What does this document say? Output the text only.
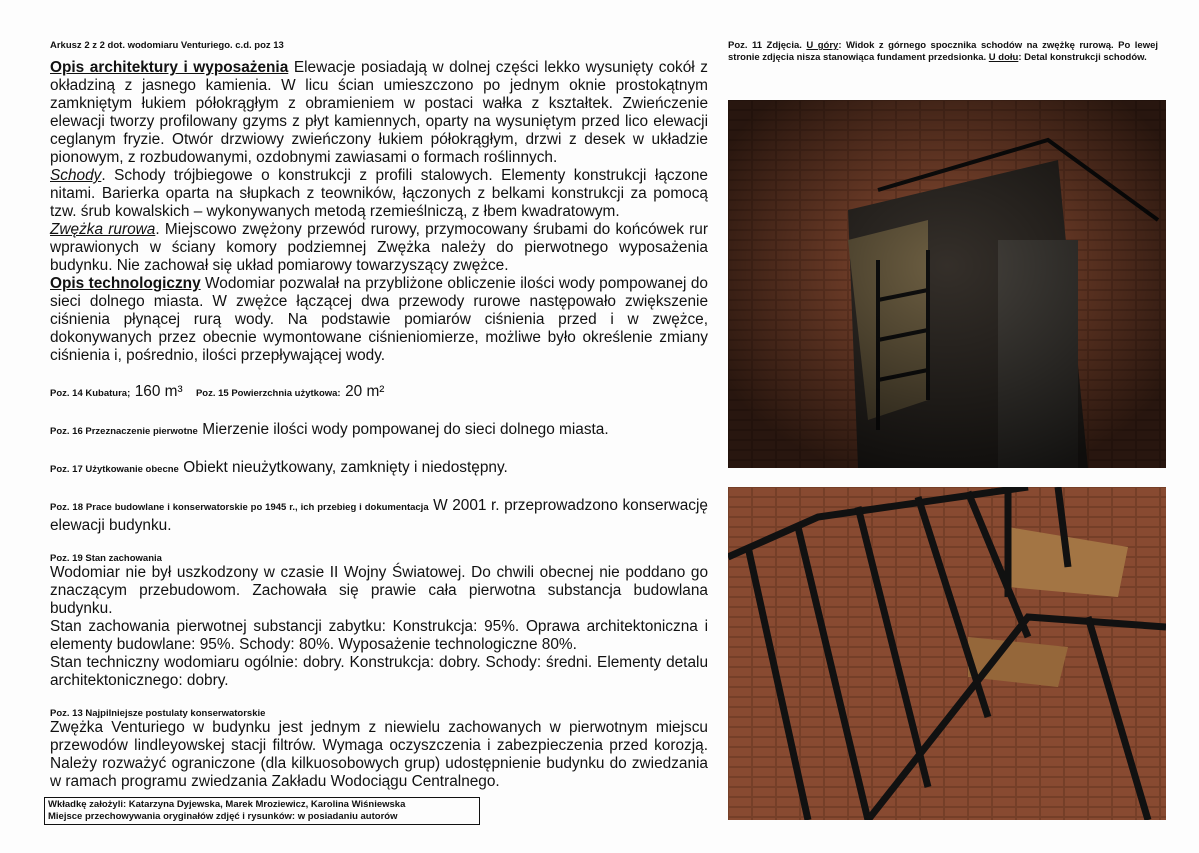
Arkusz 2 z 2 dot. wodomiaru Venturiego. c.d. poz 13

Opis architektury i wyposażenia Elewacje posiadają w dolnej części lekko wysunięty cokół z okładziną z jasnego kamienia. W licu ścian umieszczono po jednym oknie prostokątnym zamkniętym łukiem półokrągłym z obramieniem w postaci wałka z kształtek. Zwieńczenie elewacji tworzy profilowany gzyms z płyt kamiennych, oparty na wysuniętym przed lico elewacji ceglanym fryzie. Otwór drzwiowy zwieńczony łukiem półokrągłym, drzwi z desek w układzie pionowym, z rozbudowanymi, ozdobnymi zawiasami o formach roślinnych.
Schody. Schody trójbiegowe o konstrukcji z profili stalowych. Elementy konstrukcji łączone nitami. Barierka oparta na słupkach z teowników, łączonych z belkami konstrukcji za pomocą tzw. śrub kowalskich – wykonywanych metodą rzemieślniczą, z łbem kwadratowym.
Zwężka rurowa. Miejscowo zwężony przewód rurowy, przymocowany śrubami do końcówek rur wprawionych w ściany komory podziemnej Zwężka należy do pierwotnego wyposażenia budynku. Nie zachował się układ pomiarowy towarzyszący zwężce.
Opis technologiczny Wodomiar pozwalał na przybliżone obliczenie ilości wody pompowanej do sieci dolnego miasta. W zwężce łączącej dwa przewody rurowe następowało zwiększenie ciśnienia płynącej rurą wody. Na podstawie pomiarów ciśnienia przed i w zwężce, dokonywanych przez obecnie wymontowane ciśnieniomierze, możliwe było określenie zmiany ciśnienia i, pośrednio, ilości przepływającej wody.

Poz. 14 Kubatura; 160 m³ Poz. 15 Powierzchnia użytkowa: 20 m²
Poz. 16 Przeznaczenie pierwotne Mierzenie ilości wody pompowanej do sieci dolnego miasta.
Poz. 17 Użytkowanie obecne Obiekt nieużytkowany, zamknięty i niedostępny.

Poz. 18 Prace budowlane i konserwatorskie po 1945 r., ich przebieg i dokumentacja W 2001 r. przeprowadzono konserwację elewacji budynku.

Poz. 19 Stan zachowania

Wodomiar nie był uszkodzony w czasie II Wojny Światowej. Do chwili obecnej nie poddano go znaczącym przebudowom. Zachowała się prawie cała pierwotna substancja budowlana budynku.
Stan zachowania pierwotnej substancji zabytku: Konstrukcja: 95%. Oprawa architektoniczna i elementy budowlane: 95%. Schody: 80%. Wyposażenie technologiczne 80%.
Stan techniczny wodomiaru ogólnie: dobry. Konstrukcja: dobry. Schody: średni. Elementy detalu architektonicznego: dobry.

Poz. 13 Najpilniejsze postulaty konserwatorskie

Zwężka Venturiego w budynku jest jednym z niewielu zachowanych w pierwotnym miejscu przewodów lindleyowskej stacji filtrów. Wymaga oczyszczenia i zabezpieczenia przed korozją. Należy rozważyć ograniczone (dla kilkuosobowych grup) udostępnienie budynku do zwiedzania w ramach programu zwiedzania Zakładu Wodociągu Centralnego.

Wkładkę założyli: Katarzyna Dyjewska, Marek Mroziewicz, Karolina Wiśniewska
Miejsce przechowywania oryginałów zdjęć i rysunków: w posiadaniu autorów
Poz. 11 Zdjęcia. U góry: Widok z górnego spocznika schodów na zwężkę rurową. Po lewej stronie zdjęcia nisza stanowiąca fundament przedsionka. U dołu: Detal konstrukcji schodów.
